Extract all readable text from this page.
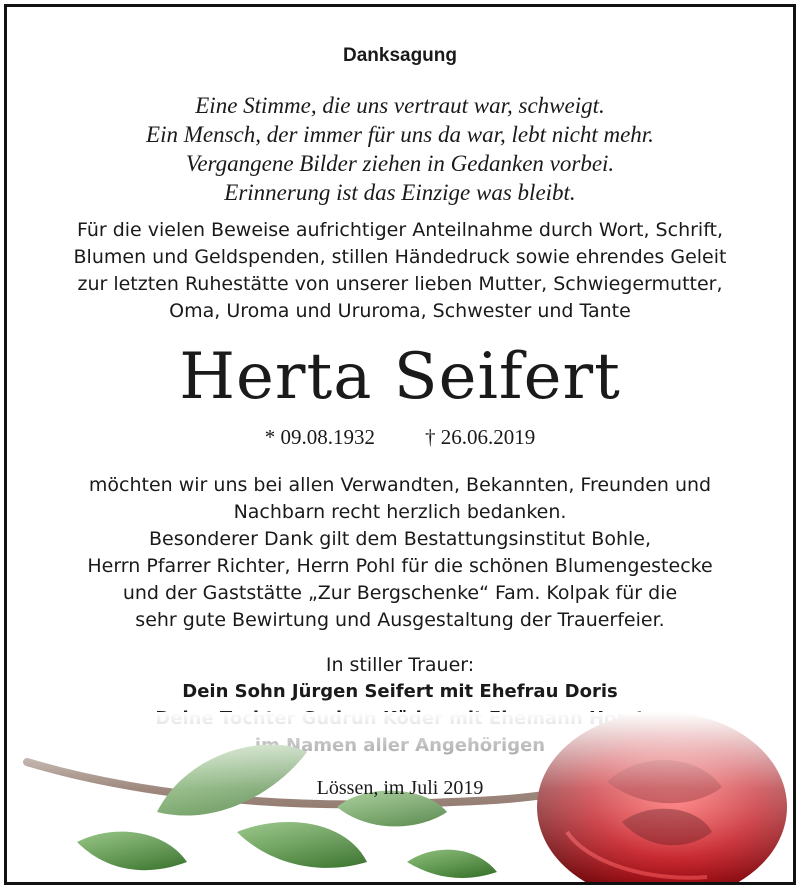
Danksagung
Eine Stimme, die uns vertraut war, schweigt.
Ein Mensch, der immer für uns da war, lebt nicht mehr.
Vergangene Bilder ziehen in Gedanken vorbei.
Erinnerung ist das Einzige was bleibt.
Für die vielen Beweise aufrichtiger Anteilnahme durch Wort, Schrift,
Blumen und Geldspenden, stillen Händedruck sowie ehrendes Geleit
zur letzten Ruhestätte von unserer lieben Mutter, Schwiegermutter,
Oma, Uroma und Ururoma, Schwester und Tante
Herta Seifert
* 09.08.1932 † 26.06.2019
möchten wir uns bei allen Verwandten, Bekannten, Freunden und
Nachbarn recht herzlich bedanken.
Besonderer Dank gilt dem Bestattungsinstitut Bohle,
Herrn Pfarrer Richter, Herrn Pohl für die schönen Blumengestecke
und der Gaststätte „Zur Bergschenke“ Fam. Kolpak für die
sehr gute Bewirtung und Ausgestaltung der Trauerfeier.
In stiller Trauer:
Dein Sohn Jürgen Seifert mit Ehefrau Doris
Lössen, im Juli 2019
